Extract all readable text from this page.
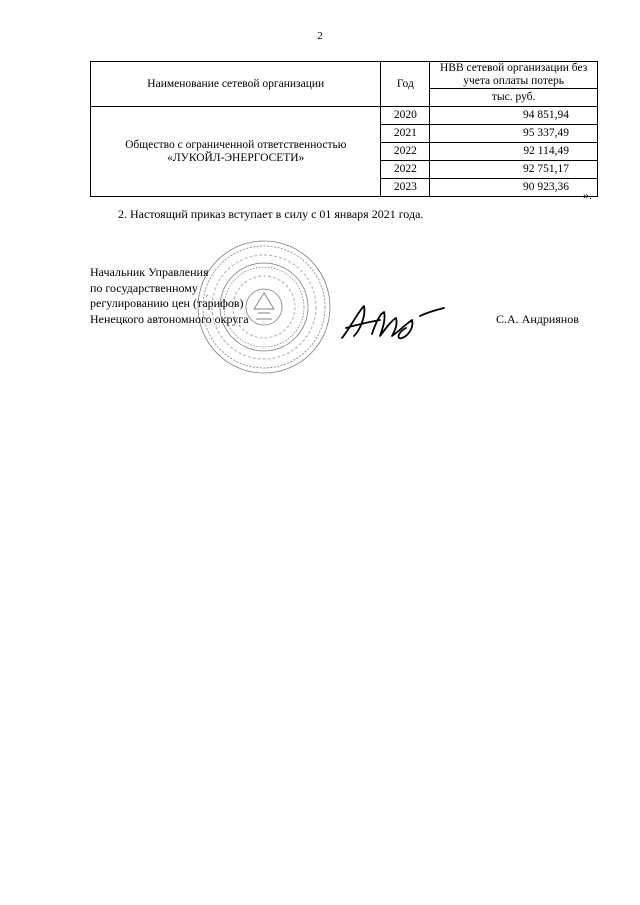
2
Наименование сетевой организации	Год	НВВ сетевой организации без учета оплаты потерь
		тыс. руб.
Общество с ограниченной ответственностью
«ЛУКОЙЛ-ЭНЕРГОСЕТИ»	2020	94 851,94
	2021	95 337,49
	2022	92 114,49
	2022	92 751,17
	2023	90 923,36
».
2. Настоящий приказ вступает в силу с 01 января 2021 года.
Начальник Управления
по государственному
регулированию цен (тарифов)
Ненецкого автономного округа	С.А. Андриянов
